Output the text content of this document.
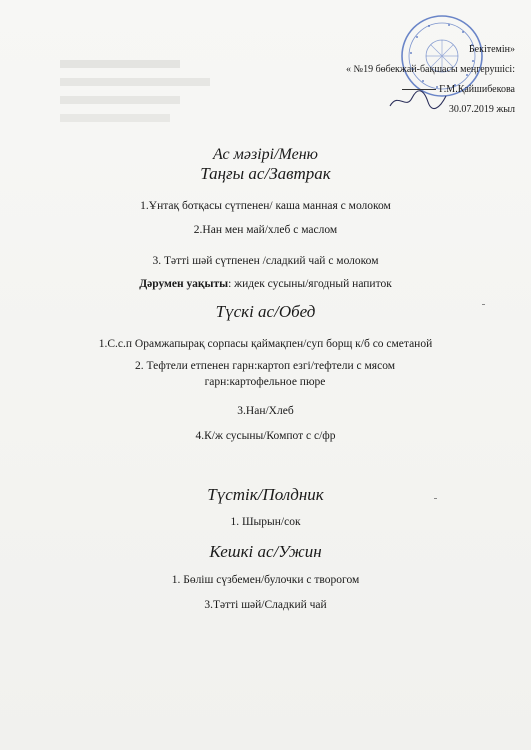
Бекітемін»
« №19 бөбекжай-бақшасы меңгерушісі:
Г.М.Қайшибекова
30.07.2019 жыл
Ас мәзірі/Меню
Таңғы ас/Завтрак
1.Ұнтақ ботқасы сүтпенен/ каша манная с молоком
2.Нан мен май/хлеб с маслом
3. Тәтті шәй сүтпенен /сладкий чай с молоком
Дәрумен уақыты: жидек сусыны/ягодный напиток
Түскі ас/Обед
1.С.с.п Орамжапырақ сорпасы қаймақпен/суп борщ к/б со сметаной
2. Тефтели етпенен гарн:картоп езгі/тефтели с мясом гарн:картофельное пюре
3.Нан/Хлеб
4.К/ж сусыны/Компот с с/фр
Түстік/Полдник
1. Шырын/сок
Кешкі ас/Ужин
1. Бөліш сүзбемен/булочки с творогом
3.Тәтті шәй/Сладкий чай
